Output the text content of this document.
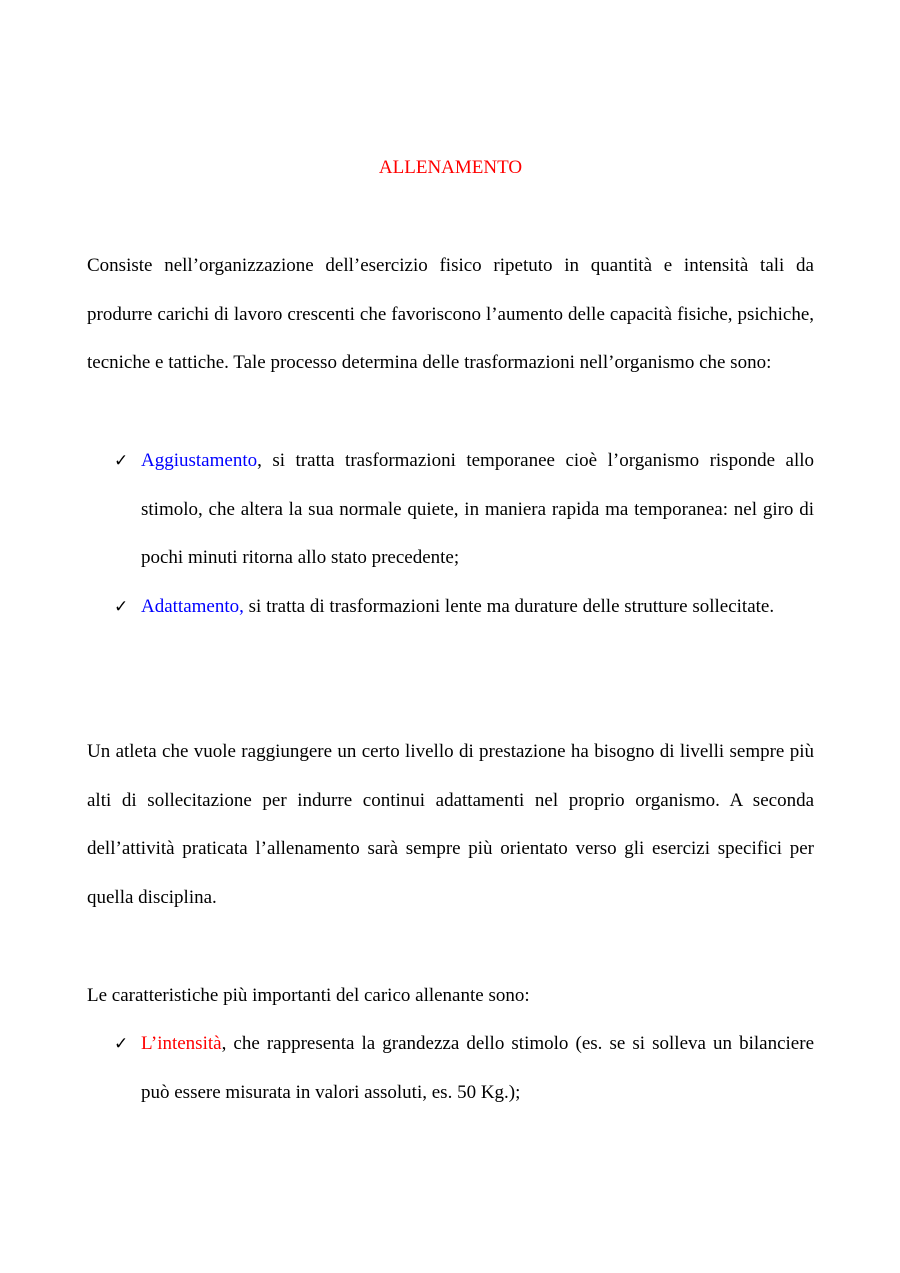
ALLENAMENTO

Consiste nell’organizzazione dell’esercizio fisico ripetuto in quantità e intensità tali da produrre carichi di lavoro crescenti che favoriscono l’aumento delle capacità fisiche, psichiche, tecniche e tattiche. Tale processo determina delle trasformazioni nell’organismo che sono:

✓ Aggiustamento, si tratta trasformazioni temporanee cioè l’organismo risponde allo stimolo, che altera la sua normale quiete, in maniera rapida ma temporanea: nel giro di pochi minuti ritorna allo stato precedente;
✓ Adattamento, si tratta di trasformazioni lente ma durature delle strutture sollecitate.

Un atleta che vuole raggiungere un certo livello di prestazione ha bisogno di livelli sempre più alti di sollecitazione per indurre continui adattamenti nel proprio organismo. A seconda dell’attività praticata l’allenamento sarà sempre più orientato verso gli esercizi specifici per quella disciplina.

Le caratteristiche più importanti del carico allenante sono:

✓ L’intensità, che rappresenta la grandezza dello stimolo (es. se si solleva un bilanciere può essere misurata in valori assoluti, es. 50 Kg.);
